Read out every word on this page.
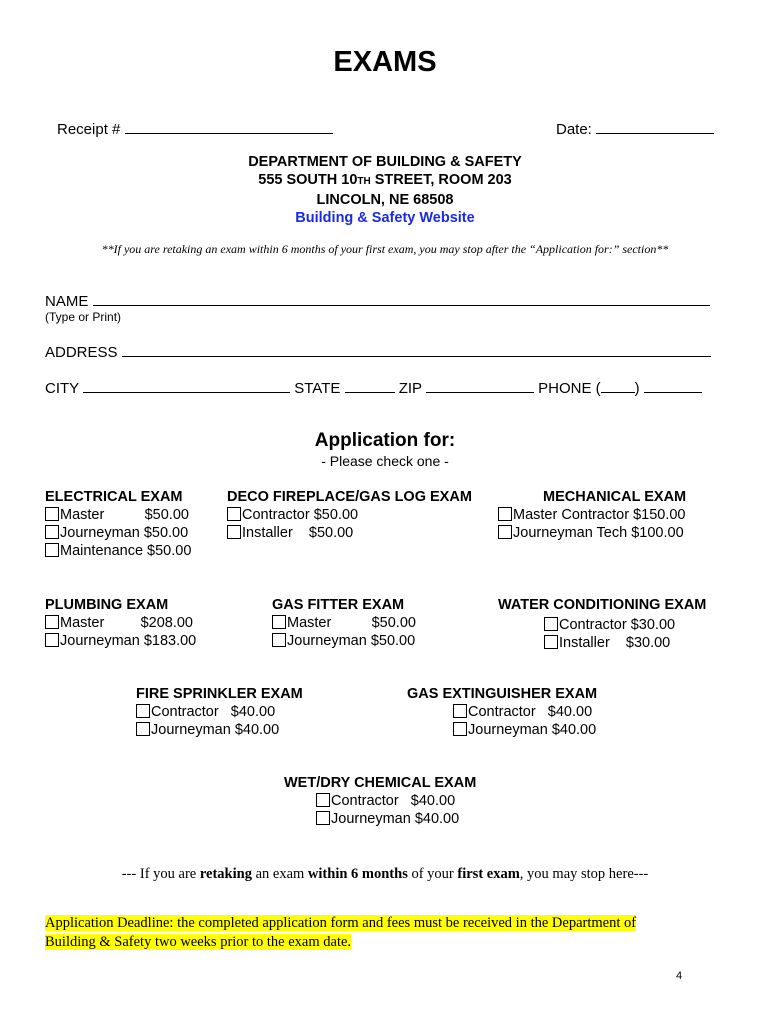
EXAMS
Receipt #	Date:
DEPARTMENT OF BUILDING & SAFETY
555 SOUTH 10TH STREET, ROOM 203
LINCOLN, NE 68508
Building & Safety Website
**If you are retaking an exam within 6 months of your first exam, you may stop after the “Application for:” section**
NAME
(Type or Print)
ADDRESS
CITY	STATE	ZIP	PHONE ( )
Application for:
- Please check one -
ELECTRICAL EXAM
Master          $50.00
Journeyman $50.00
Maintenance $50.00
DECO FIREPLACE/GAS LOG EXAM
Contractor $50.00
Installer    $50.00
MECHANICAL EXAM
Master Contractor $150.00
Journeyman Tech $100.00
PLUMBING EXAM
Master         $208.00
Journeyman $183.00
GAS FITTER EXAM
Master          $50.00
Journeyman $50.00
WATER CONDITIONING EXAM
Contractor $30.00
Installer    $30.00
FIRE SPRINKLER EXAM
Contractor   $40.00
Journeyman $40.00
GAS EXTINGUISHER EXAM
Contractor   $40.00
Journeyman $40.00
WET/DRY CHEMICAL EXAM
Contractor   $40.00
Journeyman $40.00
--- If you are retaking an exam within 6 months of your first exam, you may stop here---
Application Deadline: the completed application form and fees must be received in the Department of
Building & Safety two weeks prior to the exam date.
4
